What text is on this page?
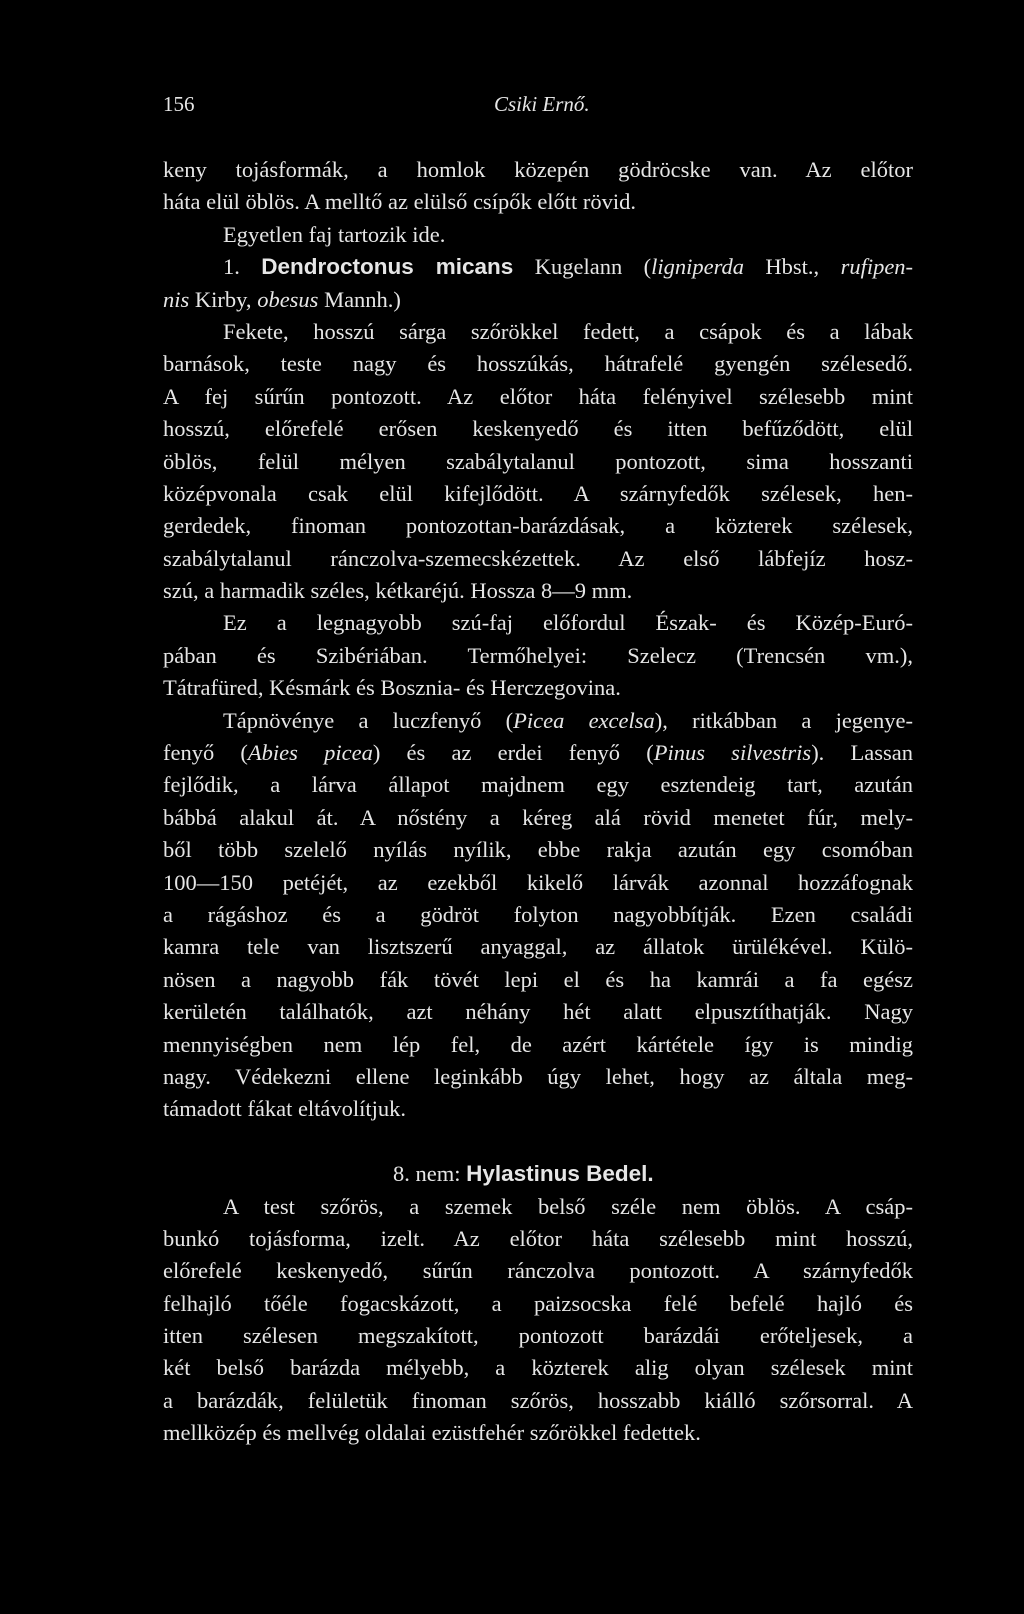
156	Csiki Ernő.
keny tojásformák, a homlok közepén gödröcske van. Az előtor
háta elül öblös. A melltő az elülső csípők előtt rövid.
Egyetlen faj tartozik ide.
1. Dendroctonus micans Kugelann (ligniperda Hbst., rufipen-
nis Kirby, obesus Mannh.)
Fekete, hosszú sárga szőrökkel fedett, a csápok és a lábak
barnások, teste nagy és hosszúkás, hátrafelé gyengén szélesedő.
A fej sűrűn pontozott. Az előtor háta felényivel szélesebb mint
hosszú, előrefelé erősen keskenyedő és itten befűződött, elül
öblös, felül mélyen szabálytalanul pontozott, sima hosszanti
középvonala csak elül kifejlődött. A szárnyfedők szélesek, hen-
gerdedek, finoman pontozottan-barázdásak, a közterek szélesek,
szabálytalanul ránczolva-szemecskézettek. Az első lábfejíz hosz-
szú, a harmadik széles, kétkaréjú. Hossza 8—9 mm.
Ez a legnagyobb szú-faj előfordul Észak- és Közép-Euró-
pában és Szibériában. Termőhelyei: Szelecz (Trencsén vm.),
Tátrafüred, Késmárk és Bosznia- és Herczegovina.
Tápnövénye a luczfenyő (Picea excelsa), ritkábban a jegenye-
fenyő (Abies picea) és az erdei fenyő (Pinus silvestris). Lassan
fejlődik, a lárva állapot majdnem egy esztendeig tart, azután
bábbá alakul át. A nőstény a kéreg alá rövid menetet fúr, mely-
ből több szelelő nyílás nyílik, ebbe rakja azután egy csomóban
100—150 petéjét, az ezekből kikelő lárvák azonnal hozzáfognak
a rágáshoz és a gödröt folyton nagyobbítják. Ezen családi
kamra tele van lisztszerű anyaggal, az állatok ürülékével. Külö-
nösen a nagyobb fák tövét lepi el és ha kamrái a fa egész
kerületén találhatók, azt néhány hét alatt elpusztíthatják. Nagy
mennyiségben nem lép fel, de azért kártétele így is mindig
nagy. Védekezni ellene leginkább úgy lehet, hogy az általa meg-
támadott fákat eltávolítjuk.
8. nem: Hylastinus Bedel.
A test szőrös, a szemek belső széle nem öblös. A csáp-
bunkó tojásforma, izelt. Az előtor háta szélesebb mint hosszú,
előrefelé keskenyedő, sűrűn ránczolva pontozott. A szárnyfedők
felhajló tőéle fogacskázott, a paizsocska felé befelé hajló és
itten szélesen megszakított, pontozott barázdái erőteljesek, a
két belső barázda mélyebb, a közterek alig olyan szélesek mint
a barázdák, felületük finoman szőrös, hosszabb kiálló szőrsorral. A
mellközép és mellvég oldalai ezüstfehér szőrökkel fedettek.
